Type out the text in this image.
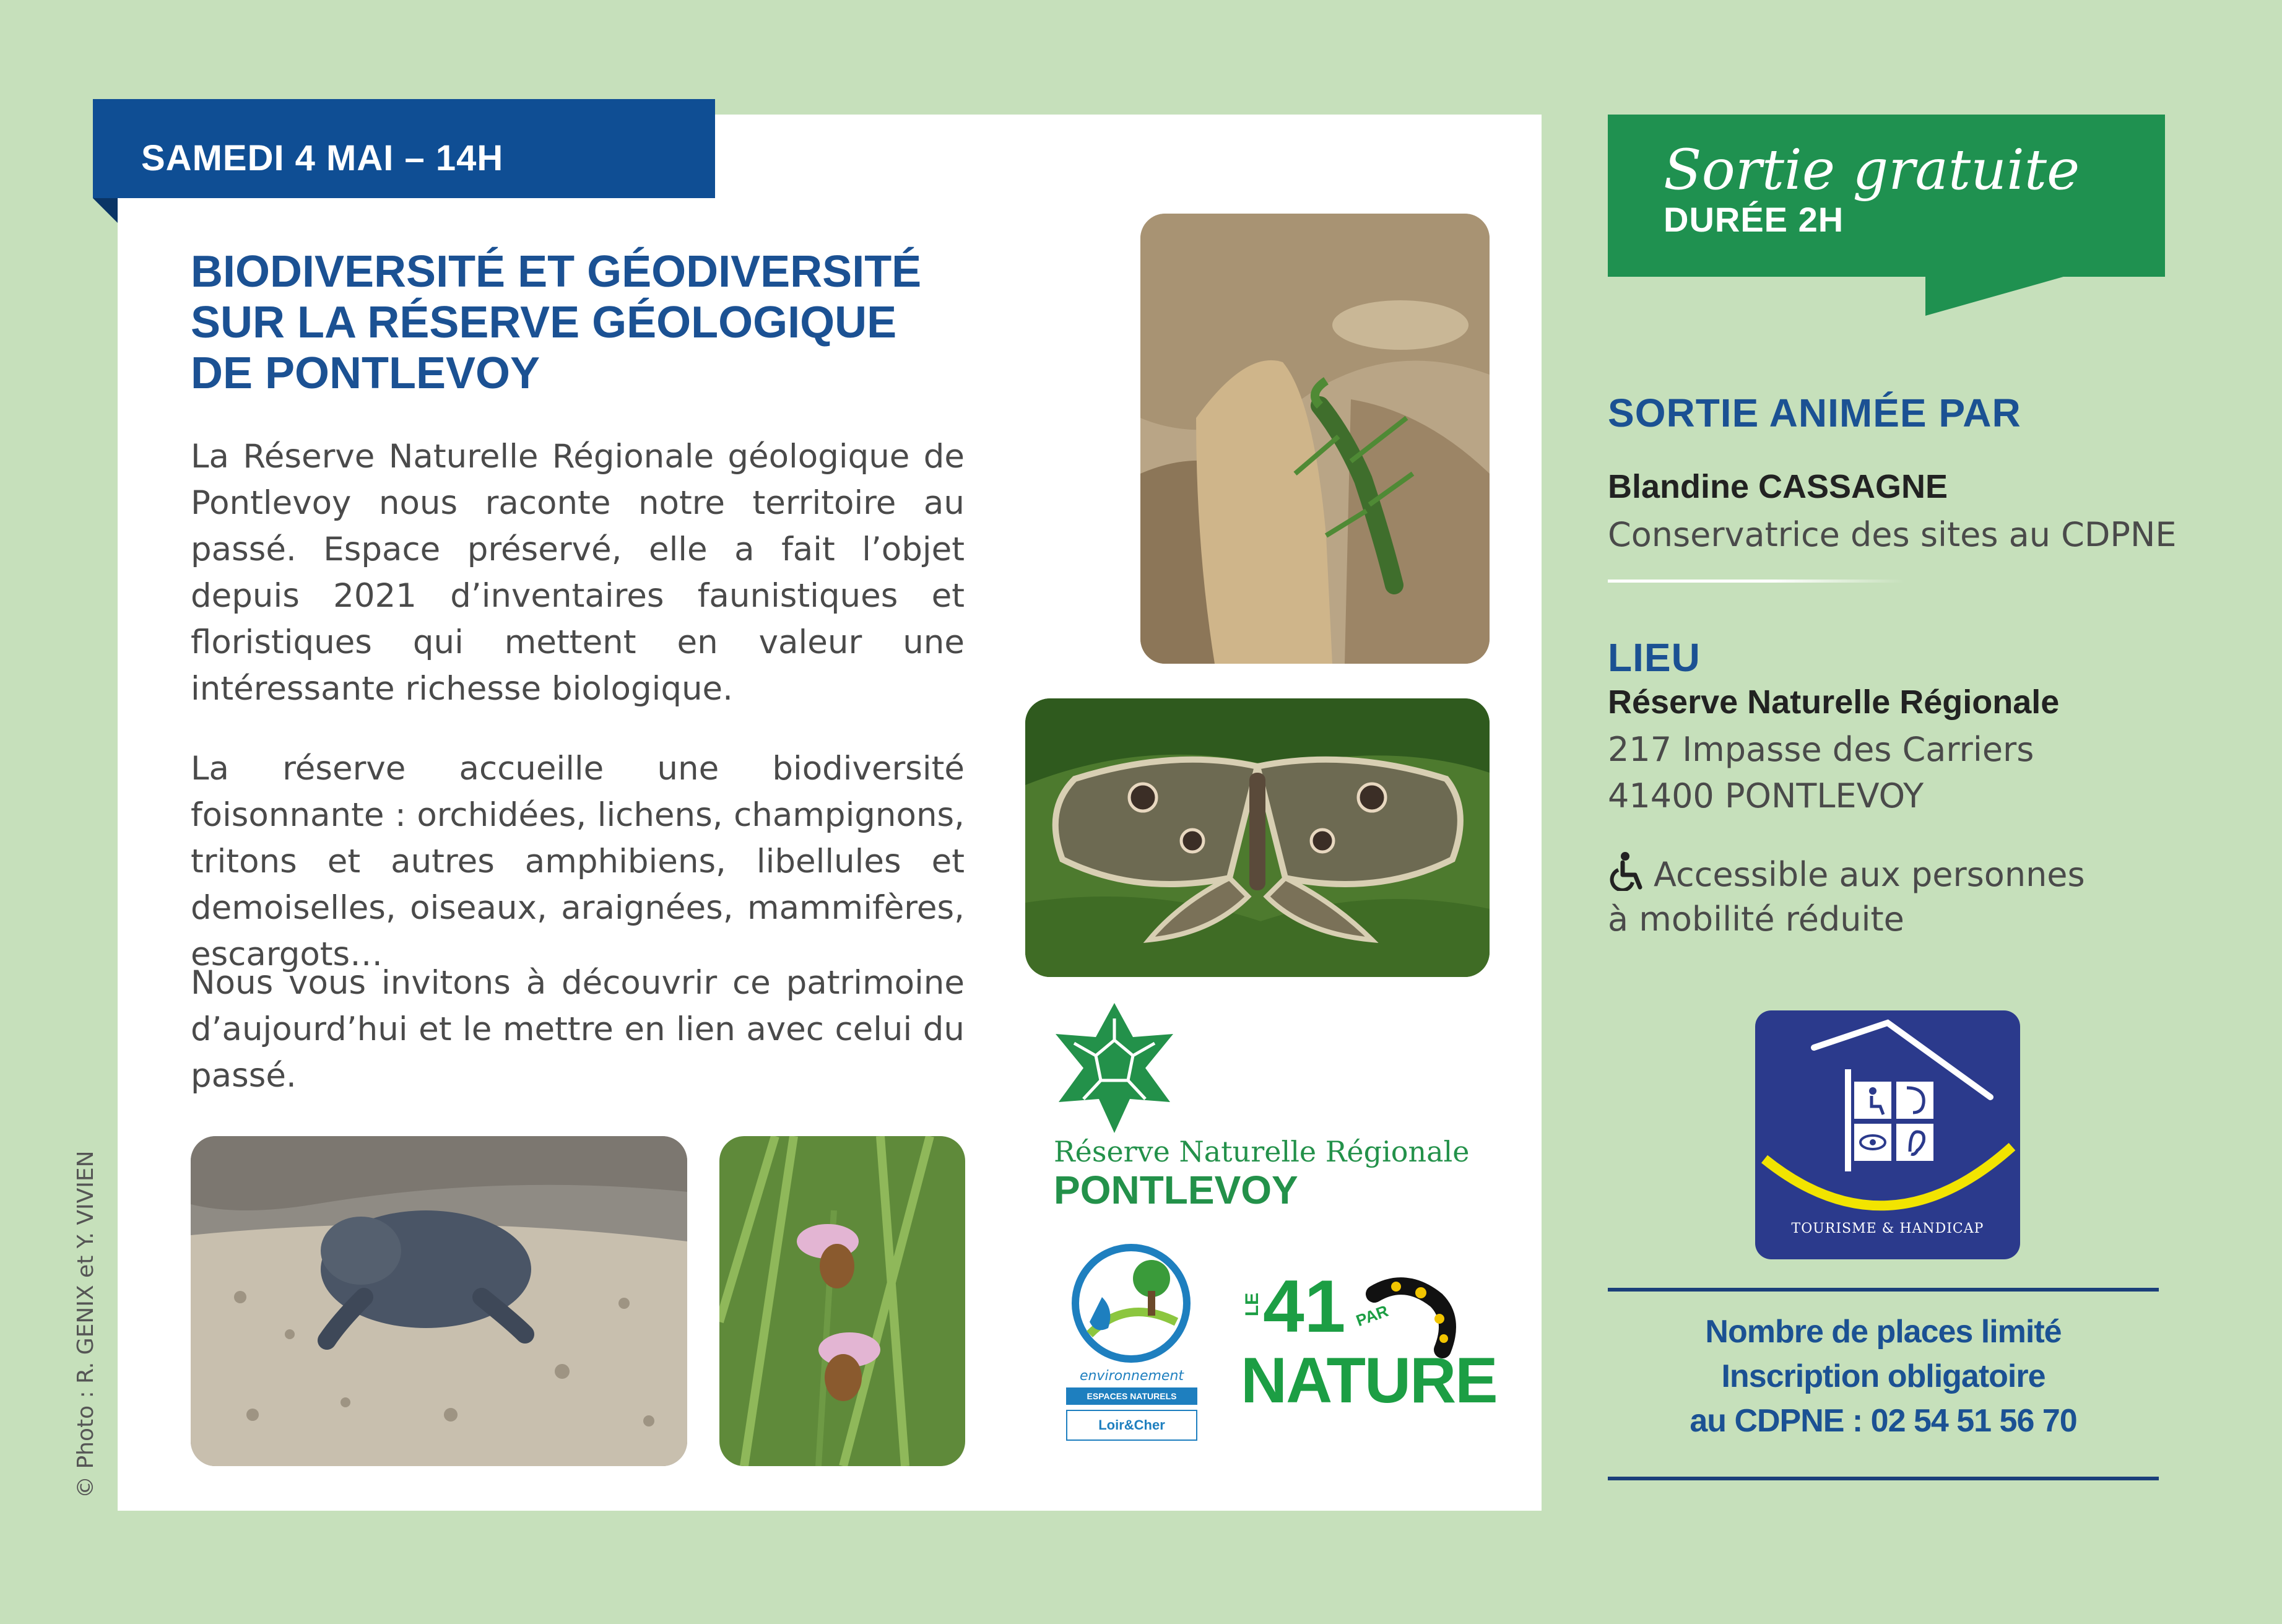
SAMEDI 4 MAI – 14H
BIODIVERSITÉ ET GÉODIVERSITÉ
SUR LA RÉSERVE GÉOLOGIQUE
DE PONTLEVOY

La Réserve Naturelle Régionale géologique de Pontlevoy nous raconte notre territoire au passé. Espace préservé, elle a fait l’objet depuis 2021 d’inventaires faunistiques et floristiques qui mettent en valeur une intéressante richesse biologique.

La réserve accueille une biodiversité foisonnante : orchidées, lichens, champignons, tritons et autres amphibiens, libellules et demoiselles, oiseaux, araignées, mammifères, escargots…

Nous vous invitons à découvrir ce patrimoine d’aujourd’hui et le mettre en lien avec celui du passé.

Réserve Naturelle Régionale
PONTLEVOY
environnement
ESPACES NATURELS SENSIBLES
Loir&Cher
LE 41 PAR
NATURE
© Photo : R. GENIX et Y. VIVIEN
Sortie gratuite
DURÉE 2H
SORTIE ANIMÉE PAR
Blandine CASSAGNE
Conservatrice des sites au CDPNE
LIEU
Réserve Naturelle Régionale
217 Impasse des Carriers
41400 PONTLEVOY
Accessible aux personnes
à mobilité réduite
TOURISME & HANDICAP
Nombre de places limité
Inscription obligatoire
au CDPNE : 02 54 51 56 70
